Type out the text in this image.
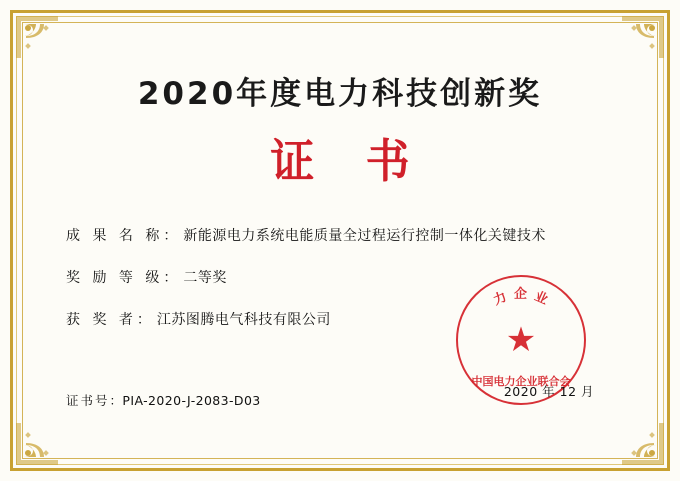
2020年度电力科技创新奖
证 书
成 果 名 称 ： 新能源电力系统电能质量全过程运行控制一体化关键技术
奖 励 等 级 ： 二等奖
获 奖 者 ： 江苏图腾电气科技有限公司
证书号：PIA-2020-J-2083-D03
力 企 业
★
中国电力企业联合会
2020 年 12 月
